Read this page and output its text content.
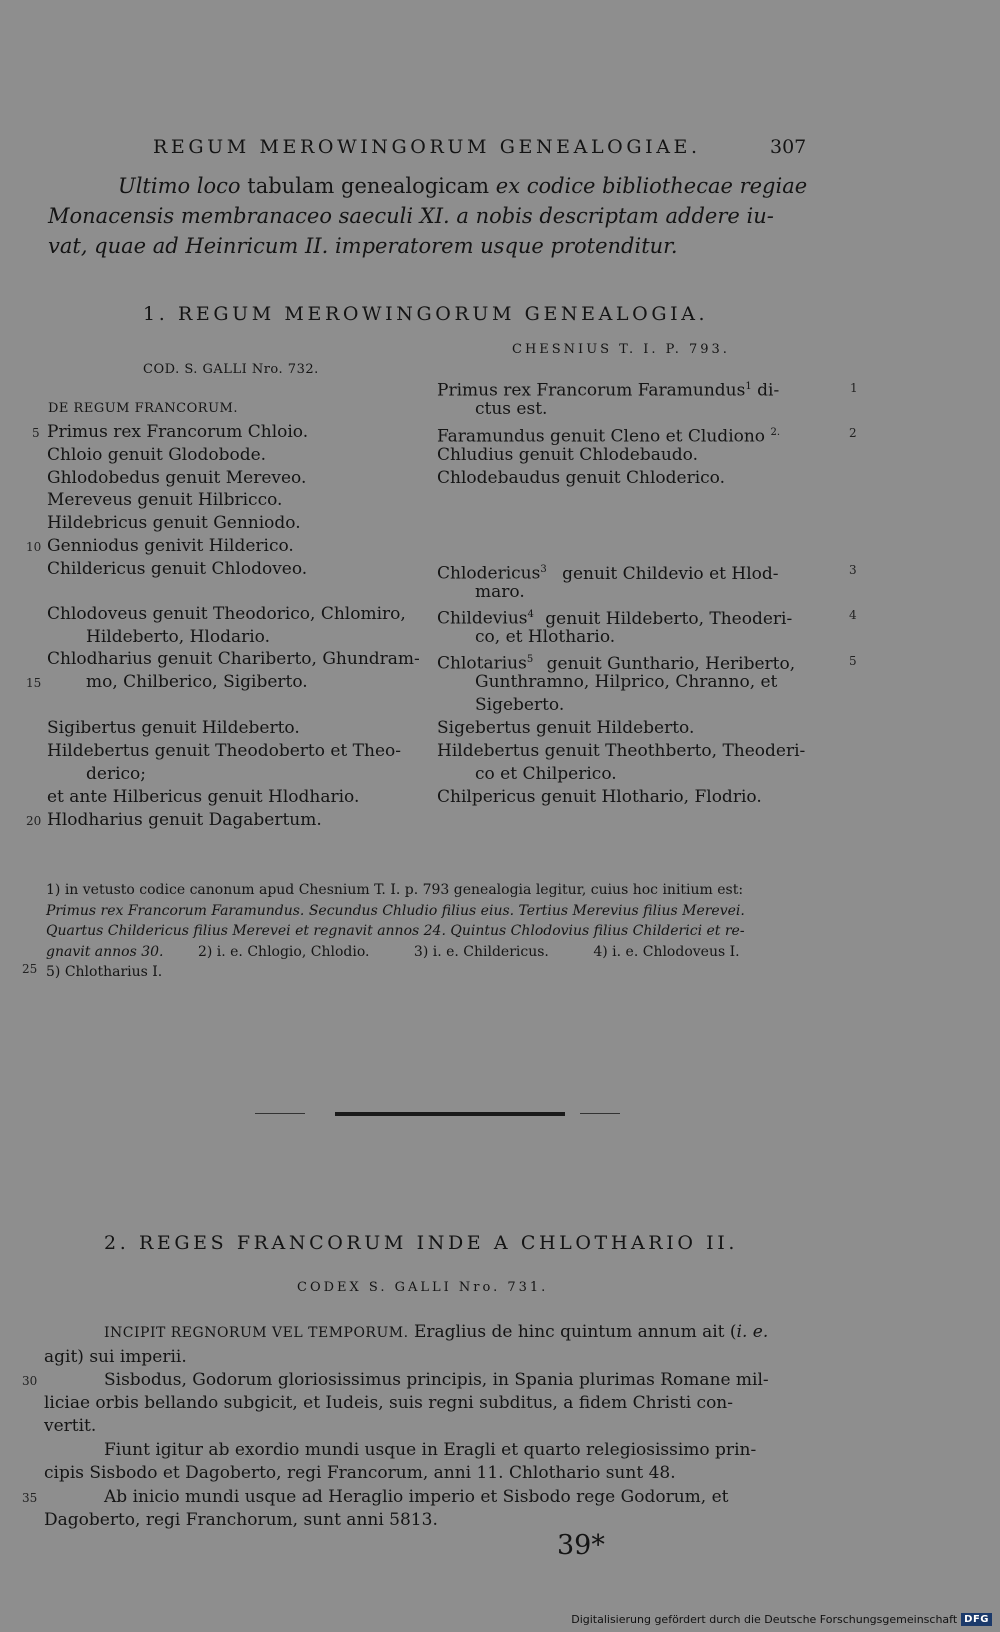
REGUM MEROWINGORUM GENEALOGIAE.	307
Ultimo loco tabulam genealogicam ex codice bibliothecae regiae
Monacensis membranaceo saeculi XI. a nobis descriptam addere iu-
vat, quae ad Heinricum II. imperatorem usque protenditur.
1. REGUM MEROWINGORUM GENEALOGIA.
COD. S. GALLI Nro. 732.
CHESNIUS T. I. P. 793.
DE REGUM FRANCORUM.
Primus rex Francorum Chloio.
Chloio genuit Glodobode.
Ghlodobedus genuit Mereveo.
Mereveus genuit Hilbricco.
Hildebricus genuit Genniodo.
Genniodus genivit Hilderico.
Childericus genuit Chlodoveo.
Chlodoveus genuit Theodorico, Chlomiro,
Hildeberto, Hlodario.
Chlodharius genuit Chariberto, Ghundram-
mo, Chilberico, Sigiberto.
Sigibertus genuit Hildeberto.
Hildebertus genuit Theodoberto et Theo-
derico;
et ante Hilbericus genuit Hlodhario.
Hlodharius genuit Dagabertum.
Primus rex Francorum Faramundus$^1$ di-
ctus est.
Faramundus genuit Cleno et Cludiono $^{2.}$
Chludius genuit Chlodebaudo.
Chlodebaudus genuit Chloderico.
Chlodericus$^3$ genuit Childevio et Hlod-
maro.
Childevius$^4$ genuit Hildeberto, Theoderi-
co, et Hlothario.
Chlotarius$^5$ genuit Gunthario, Heriberto,
Gunthramno, Hilprico, Chranno, et
Sigeberto.
Sigebertus genuit Hildeberto.
Hildebertus genuit Theothberto, Theoderi-
co et Chilperico.
Chilpericus genuit Hlothario, Flodrio.
5
10
15
20
25
1
2
3
4
5
1) in vetusto codice canonum apud Chesnium T. I. p. 793 genealogia legitur, cuius hoc initium est:
Primus rex Francorum Faramundus. Secundus Chludio filius eius. Tertius Merevius filius Merevei.
Quartus Childericus filius Merevei et regnavit annos 24. Quintus Chlodovius filius Childerici et re-
gnavit annos 30. 2) i. e. Chlogio, Chlodio.	3) i. e. Childericus.	4) i. e. Chlodoveus I.
5) Chlotharius I.
2. REGES FRANCORUM INDE A CHLOTHARIO II.
CODEX S. GALLI Nro. 731.
INCIPIT REGNORUM VEL TEMPORUM. Eraglius de hinc quintum annum ait (i. e.
agit) sui imperii.
Sisbodus, Godorum gloriosissimus principis, in Spania plurimas Romane mil-
liciae orbis bellando subgicit, et Iudeis, suis regni subditus, a fidem Christi con-
vertit.
Fiunt igitur ab exordio mundi usque in Eragli et quarto relegiosissimo prin-
cipis Sisbodo et Dagoberto, regi Francorum, anni 11. Chlothario sunt 48.
Ab inicio mundi usque ad Heraglio imperio et Sisbodo rege Godorum, et
Dagoberto, regi Franchorum, sunt anni 5813.
30
35
39*
Digitalisierung gefördert durch die Deutsche Forschungsgemeinschaft DFG
